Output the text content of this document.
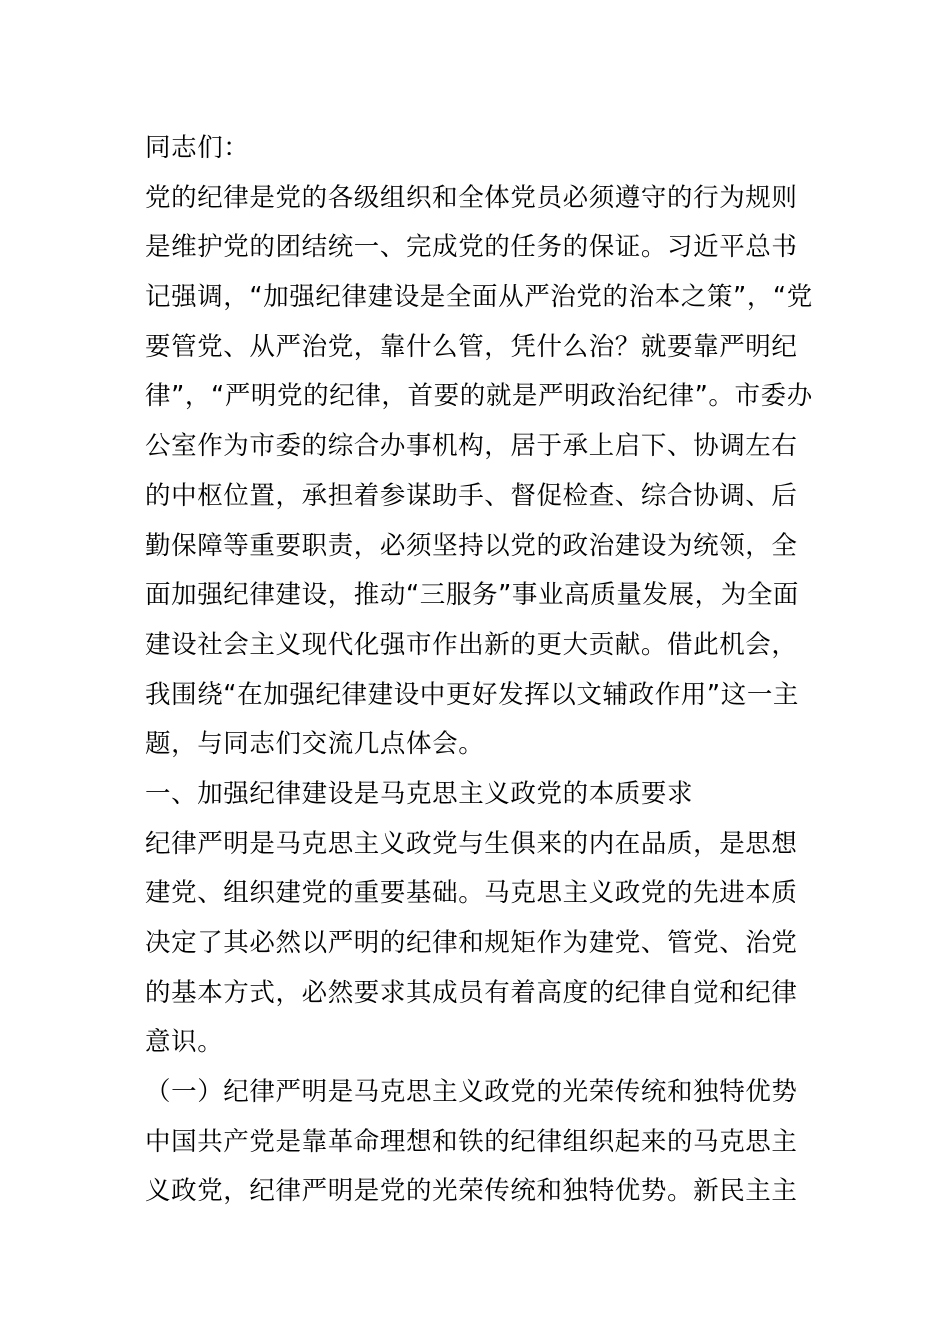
同志们：
党的纪律是党的各级组织和全体党员必须遵守的行为规则
是维护党的团结统一、完成党的任务的保证。习近平总书
记强调，“加强纪律建设是全面从严治党的治本之策”，“党
要管党、从严治党，靠什么管，凭什么治？就要靠严明纪
律”，“严明党的纪律，首要的就是严明政治纪律”。市委办
公室作为市委的综合办事机构，居于承上启下、协调左右
的中枢位置，承担着参谋助手、督促检查、综合协调、后
勤保障等重要职责，必须坚持以党的政治建设为统领，全
面加强纪律建设，推动“三服务”事业高质量发展，为全面
建设社会主义现代化强市作出新的更大贡献。借此机会，
我围绕“在加强纪律建设中更好发挥以文辅政作用”这一主
题，与同志们交流几点体会。
一、加强纪律建设是马克思主义政党的本质要求
纪律严明是马克思主义政党与生俱来的内在品质，是思想
建党、组织建党的重要基础。马克思主义政党的先进本质
决定了其必然以严明的纪律和规矩作为建党、管党、治党
的基本方式，必然要求其成员有着高度的纪律自觉和纪律
意识。
（一）纪律严明是马克思主义政党的光荣传统和独特优势
中国共产党是靠革命理想和铁的纪律组织起来的马克思主
义政党，纪律严明是党的光荣传统和独特优势。新民主主
